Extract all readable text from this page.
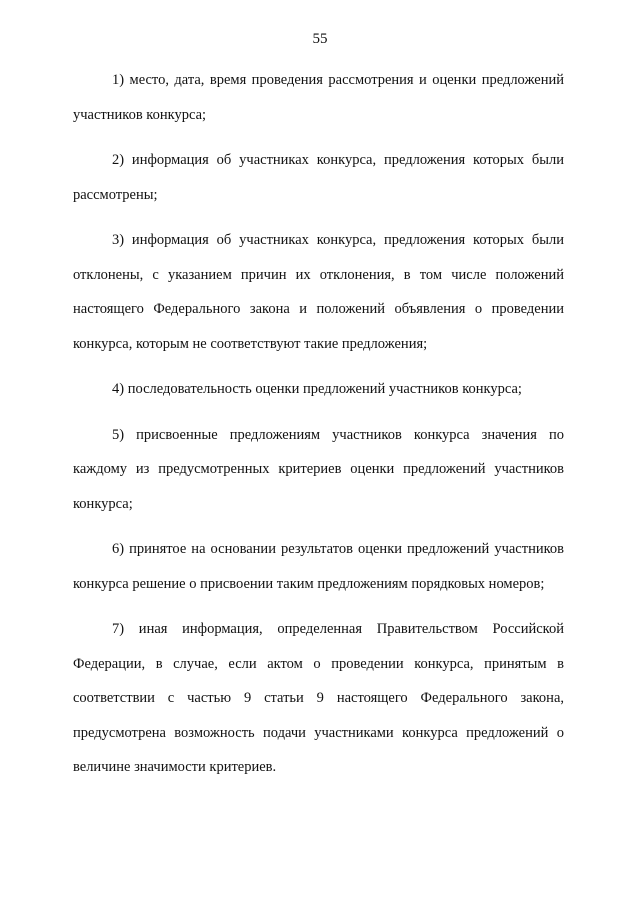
55

1) место, дата, время проведения рассмотрения и оценки предложений участников конкурса;

2) информация об участниках конкурса, предложения которых были рассмотрены;

3) информация об участниках конкурса, предложения которых были отклонены, с указанием причин их отклонения, в том числе положений настоящего Федерального закона и положений объявления о проведении конкурса, которым не соответствуют такие предложения;

4) последовательность оценки предложений участников конкурса;

5) присвоенные предложениям участников конкурса значения по каждому из предусмотренных критериев оценки предложений участников конкурса;

6) принятое на основании результатов оценки предложений участников конкурса решение о присвоении таким предложениям порядковых номеров;

7) иная информация, определенная Правительством Российской Федерации, в случае, если актом о проведении конкурса, принятым в соответствии с частью 9 статьи 9 настоящего Федерального закона, предусмотрена возможность подачи участниками конкурса предложений о величине значимости критериев.
